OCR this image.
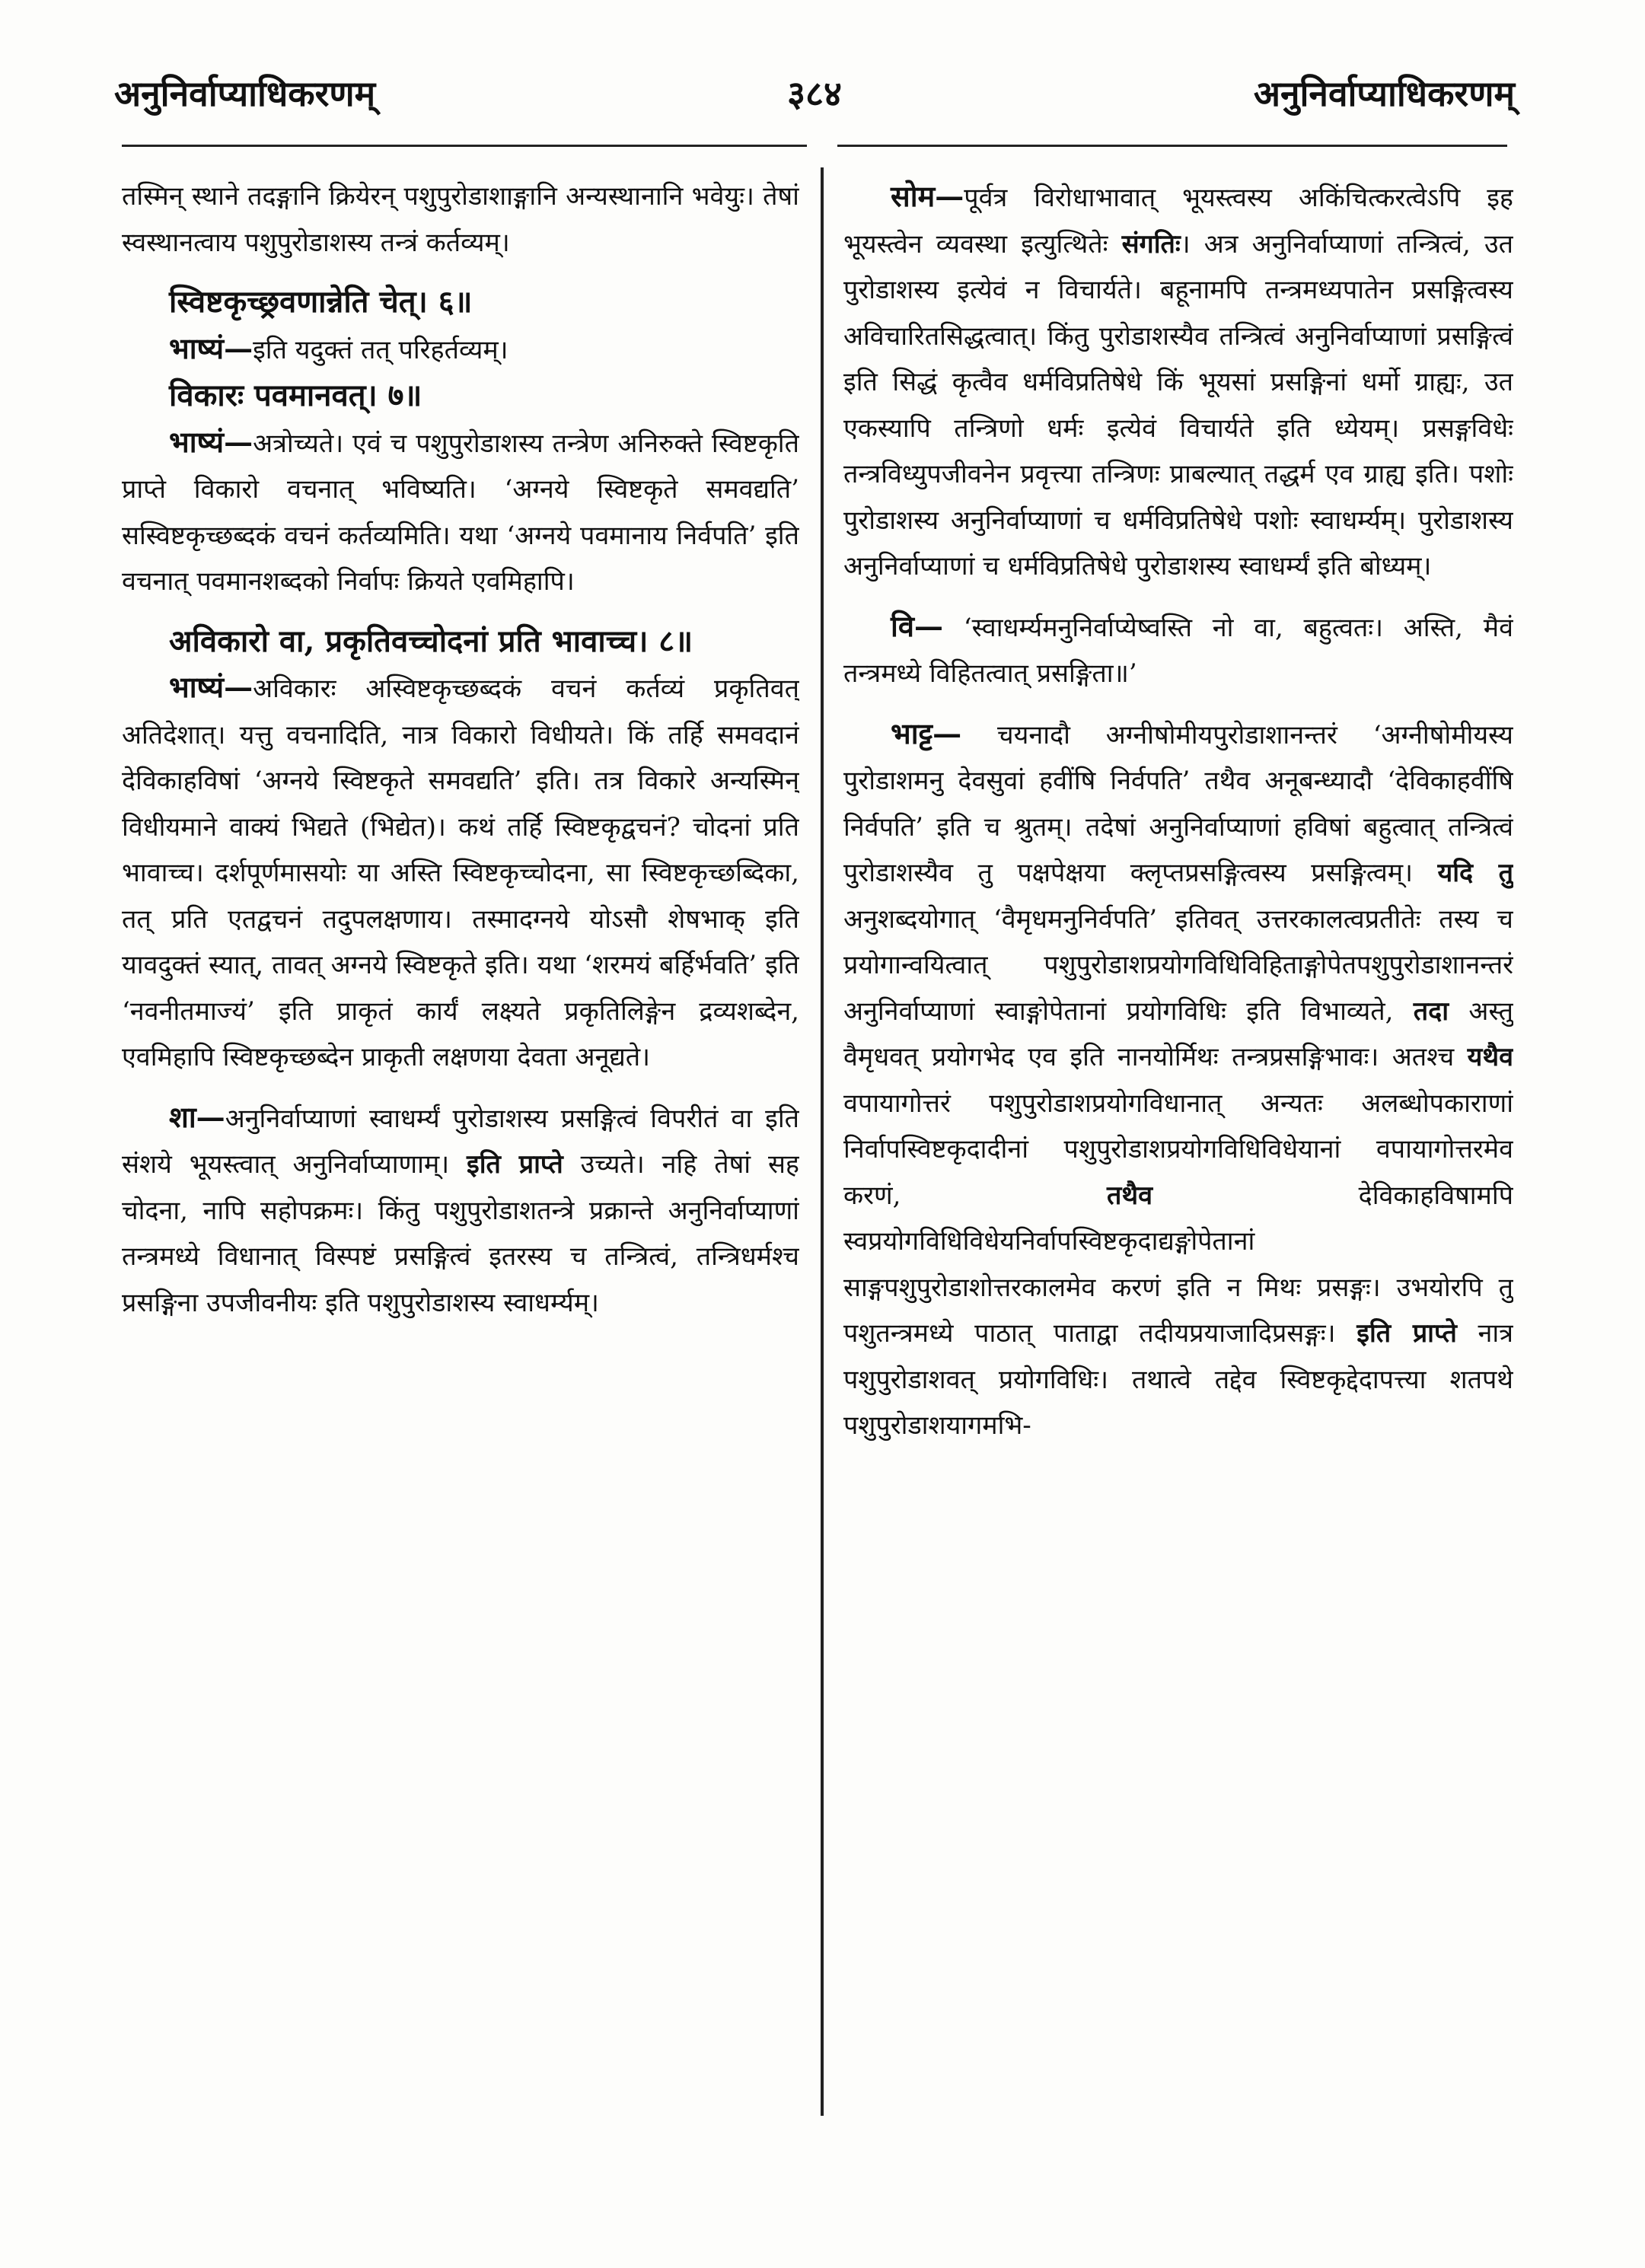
अनुनिर्वाप्याधिकरणम्	३८४	अनुनिर्वाप्याधिकरणम्

तस्मिन् स्थाने तदङ्गानि क्रियेरन् पशुपुरोडाशाङ्गानि अन्यस्थानानि भवेयुः। तेषां स्वस्थानत्वाय पशुपुरोडाशस्य तन्त्रं कर्तव्यम्।

स्विष्टकृच्छ्रवणान्नेति चेत्। ६॥

भाष्यं—इति यदुक्तं तत् परिहर्तव्यम्।

विकारः पवमानवत्। ७॥

भाष्यं—अत्रोच्यते। एवं च पशुपुरोडाशस्य तन्त्रेण अनिरुक्ते स्विष्टकृति प्राप्ते विकारो वचनात् भविष्यति। ‘अग्नये स्विष्टकृते समवद्यति’ सस्विष्टकृच्छब्दकं वचनं कर्तव्यमिति। यथा ‘अग्नये पवमानाय निर्वपति’ इति वचनात् पवमानशब्दको निर्वापः क्रियते एवमिहापि।

अविकारो वा, प्रकृतिवच्चोदनां प्रति भावाच्च। ८॥

भाष्यं—अविकारः अस्विष्टकृच्छब्दकं वचनं कर्तव्यं प्रकृतिवत् अतिदेशात्। यत्तु वचनादिति, नात्र विकारो विधीयते। किं तर्हि समवदानं देविकाहविषां ‘अग्नये स्विष्टकृते समवद्यति’ इति। तत्र विकारे अन्यस्मिन् विधीयमाने वाक्यं भिद्यते (भिद्येत)। कथं तर्हि स्विष्टकृद्वचनं? चोदनां प्रति भावाच्च। दर्शपूर्णमासयोः या अस्ति स्विष्टकृच्चोदना, सा स्विष्टकृच्छब्दिका, तत् प्रति एतद्वचनं तदुपलक्षणाय। तस्मादग्नये योऽसौ शेषभाक् इति यावदुक्तं स्यात्, तावत् अग्नये स्विष्टकृते इति। यथा ‘शरमयं बर्हिर्भवति’ इति ‘नवनीतमाज्यं’ इति प्राकृतं कार्यं लक्ष्यते प्रकृतिलिङ्गेन द्रव्यशब्देन, एवमिहापि स्विष्टकृच्छब्देन प्राकृती लक्षणया देवता अनूद्यते।

शा—अनुनिर्वाप्याणां स्वाधर्म्यं पुरोडाशस्य प्रसङ्गित्वं विपरीतं वा इति संशये भूयस्त्वात् अनुनिर्वाप्याणाम्। इति प्राप्ते उच्यते। नहि तेषां सह चोदना, नापि सहोपक्रमः। किंतु पशुपुरोडाशतन्त्रे प्रक्रान्ते अनुनिर्वाप्याणां तन्त्रमध्ये विधानात् विस्पष्टं प्रसङ्गित्वं इतरस्य च तन्त्रित्वं, तन्त्रिधर्मश्च प्रसङ्गिना उपजीवनीयः इति पशुपुरोडाशस्य स्वाधर्म्यम्।

सोम—पूर्वत्र विरोधाभावात् भूयस्त्वस्य अकिंचित्करत्वेऽपि इह भूयस्त्वेन व्यवस्था इत्युत्थितेः संगतिः। अत्र अनुनिर्वाप्याणां तन्त्रित्वं, उत पुरोडाशस्य इत्येवं न विचार्यते। बहूनामपि तन्त्रमध्यपातेन प्रसङ्गित्वस्य अविचारितसिद्धत्वात्। किंतु पुरोडाशस्यैव तन्त्रित्वं अनुनिर्वाप्याणां प्रसङ्गित्वं इति सिद्धं कृत्वैव धर्मविप्रतिषेधे किं भूयसां प्रसङ्गिनां धर्मो ग्राह्यः, उत एकस्यापि तन्त्रिणो धर्मः इत्येवं विचार्यते इति ध्येयम्। प्रसङ्गविधेः तन्त्रविध्युपजीवनेन प्रवृत्त्या तन्त्रिणः प्राबल्यात् तद्धर्म एव ग्राह्य इति। पशोः पुरोडाशस्य अनुनिर्वाप्याणां च धर्मविप्रतिषेधे पशोः स्वाधर्म्यम्। पुरोडाशस्य अनुनिर्वाप्याणां च धर्मविप्रतिषेधे पुरोडाशस्य स्वाधर्म्यं इति बोध्यम्।

वि— ‘स्वाधर्म्यमनुनिर्वाप्येष्वस्ति नो वा, बहुत्वतः। अस्ति, मैवं तन्त्रमध्ये विहितत्वात् प्रसङ्गिता॥’

भाट्ट— चयनादौ अग्नीषोमीयपुरोडाशानन्तरं ‘अग्नीषोमीयस्य पुरोडाशमनु देवसुवां हवींषि निर्वपति’ तथैव अनूबन्ध्यादौ ‘देविकाहवींषि निर्वपति’ इति च श्रुतम्। तदेषां अनुनिर्वाप्याणां हविषां बहुत्वात् तन्त्रित्वं पुरोडाशस्यैव तु पक्षपेक्षया क्लृप्तप्रसङ्गित्वस्य प्रसङ्गित्वम्। यदि तु अनुशब्दयोगात् ‘वैमृधमनुनिर्वपति’ इतिवत् उत्तरकालत्वप्रतीतेः तस्य च प्रयोगान्वयित्वात् पशुपुरोडाशप्रयोगविधिविहिताङ्गोपेतपशुपुरोडाशानन्तरं अनुनिर्वाप्याणां स्वाङ्गोपेतानां प्रयोगविधिः इति विभाव्यते, तदा अस्तु वैमृधवत् प्रयोगभेद एव इति नानयोर्मिथः तन्त्रप्रसङ्गिभावः। अतश्च यथैव वपायागोत्तरं पशुपुरोडाशप्रयोगविधानात् अन्यतः अलब्धोपकाराणां निर्वापस्विष्टकृदादीनां पशुपुरोडाशप्रयोगविधिविधेयानां वपायागोत्तरमेव करणं,	तथैव	देविकाहविषामपि स्वप्रयोगविधिविधेयनिर्वापस्विष्टकृदाद्यङ्गोपेतानां साङ्गपशुपुरोडाशोत्तरकालमेव करणं इति न मिथः प्रसङ्गः। उभयोरपि तु पशुतन्त्रमध्ये पाठात् पाताद्वा तदीयप्रयाजादिप्रसङ्गः। इति प्राप्ते नात्र पशुपुरोडाशवत् प्रयोगविधिः। तथात्वे तद्देव स्विष्टकृद्देदापत्त्या शतपथे पशुपुरोडाशयागमभि-
